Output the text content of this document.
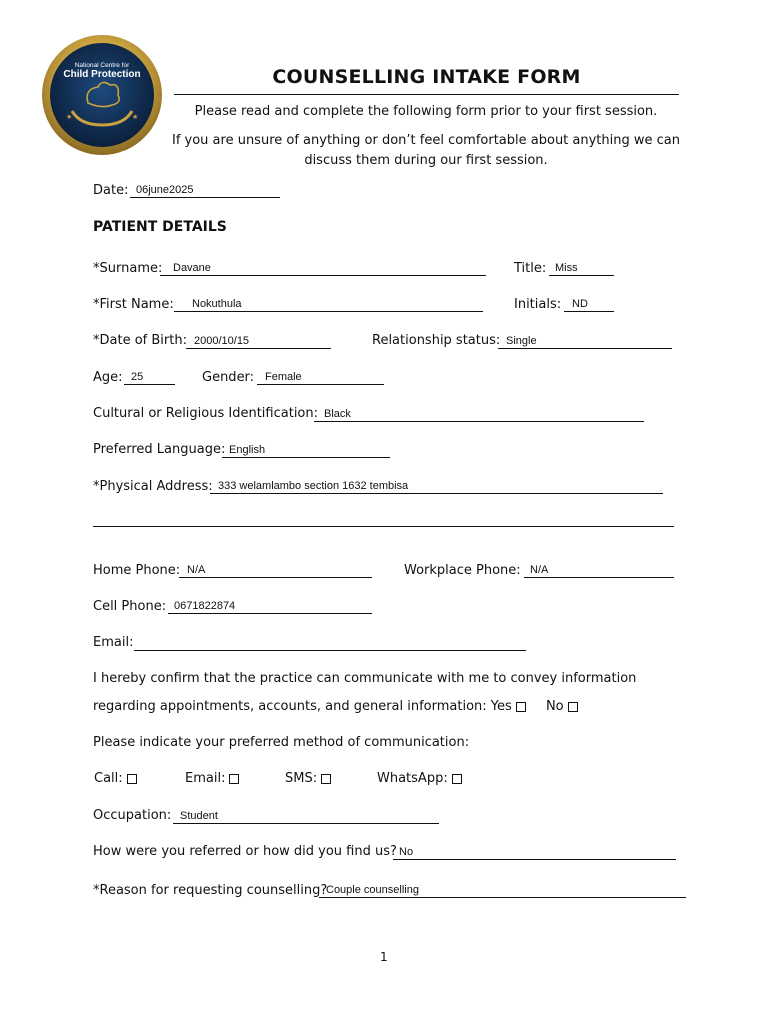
National Centre for
Child Protection
★	★
COUNSELLING INTAKE FORM
Please read and complete the following form prior to your first session.
If you are unsure of anything or don’t feel comfortable about anything we can
discuss them during our first session.
Date: 06june2025
PATIENT DETAILS
*Surname: Davane	Title: Miss
*First Name: Nokuthula	Initials: ND
*Date of Birth: 2000/10/15	Relationship status: Single
Age: 25	Gender: Female
Cultural or Religious Identification: Black
Preferred Language: English
*Physical Address: 333 welamlambo section 1632 tembisa
Home Phone: N/A	Workplace Phone: N/A
Cell Phone: 0671822874
Email:
I hereby confirm that the practice can communicate with me to convey information
regarding appointments, accounts, and general information: Yes	No
Please indicate your preferred method of communication:
Call:	Email:	SMS:	WhatsApp:
Occupation: Student
How were you referred or how did you find us? No
*Reason for requesting counselling?
Couple counselling
1
